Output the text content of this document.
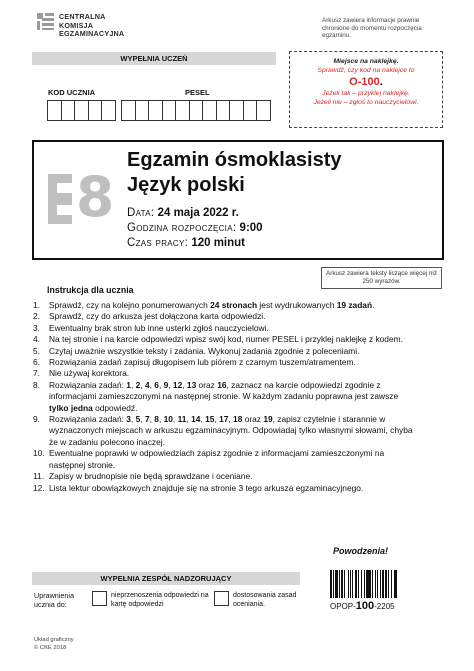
CENTRALNA
KOMISJA
EGZAMINACYJNA
Arkusz zawiera informacje prawnie chronione do momentu rozpoczęcia egzaminu.
WYPEŁNIA UCZEŃ
KOD UCZNIA	PESEL
Miejsce na naklejkę.
Sprawdź, czy kod na naklejce to
O-100.
Jeżeli tak – przyklej naklejkę.
Jeżeli nie – zgłoś to nauczycielowi.
8
Egzamin ósmoklasisty
Język polski
Data: 24 maja 2022 r.
Godzina rozpoczęcia: 9:00
Czas pracy: 120 minut
Arkusz zawiera teksty liczące więcej niż 250 wyrazów.
Instrukcja dla ucznia
1.	Sprawdź, czy na kolejno ponumerowanych 24 stronach jest wydrukowanych 19 zadań.
2.	Sprawdź, czy do arkusza jest dołączona karta odpowiedzi.
3.	Ewentualny brak stron lub inne usterki zgłoś nauczycielowi.
4.	Na tej stronie i na karcie odpowiedzi wpisz swój kod, numer PESEL i przyklej naklejkę z kodem.
5.	Czytaj uważnie wszystkie teksty i zadania. Wykonuj zadania zgodnie z poleceniami.
6.	Rozwiązania zadań zapisuj długopisem lub piórem z czarnym tuszem/atramentem.
7.	Nie używaj korektora.
8.	Rozwiązania zadań: 1, 2, 4, 6, 9, 12, 13 oraz 16, zaznacz na karcie odpowiedzi zgodnie z informacjami zamieszczonymi na następnej stronie. W każdym zadaniu poprawna jest zawsze tylko jedna odpowiedź.
9.	Rozwiązania zadań: 3, 5, 7, 8, 10, 11, 14, 15, 17, 18 oraz 19, zapisz czytelnie i starannie w wyznaczonych miejscach w arkuszu egzaminacyjnym. Odpowiadaj tylko własnymi słowami, chyba że w zadaniu polecono inaczej.
10. Ewentualne poprawki w odpowiedziach zapisz zgodnie z informacjami zamieszczonymi na następnej stronie.
11. Zapisy w brudnopisie nie będą sprawdzane i oceniane.
12. Lista lektur obowiązkowych znajduje się na stronie 3 tego arkusza egzaminacyjnego.
Powodzenia!
WYPEŁNIA ZESPÓŁ NADZORUJĄCY
Uprawnienia ucznia do:
nieprzenoszenia odpowiedzi na kartę odpowiedzi
dostosowania zasad oceniania.	OPOP-100-2205
Układ graficzny
© CKE 2018
